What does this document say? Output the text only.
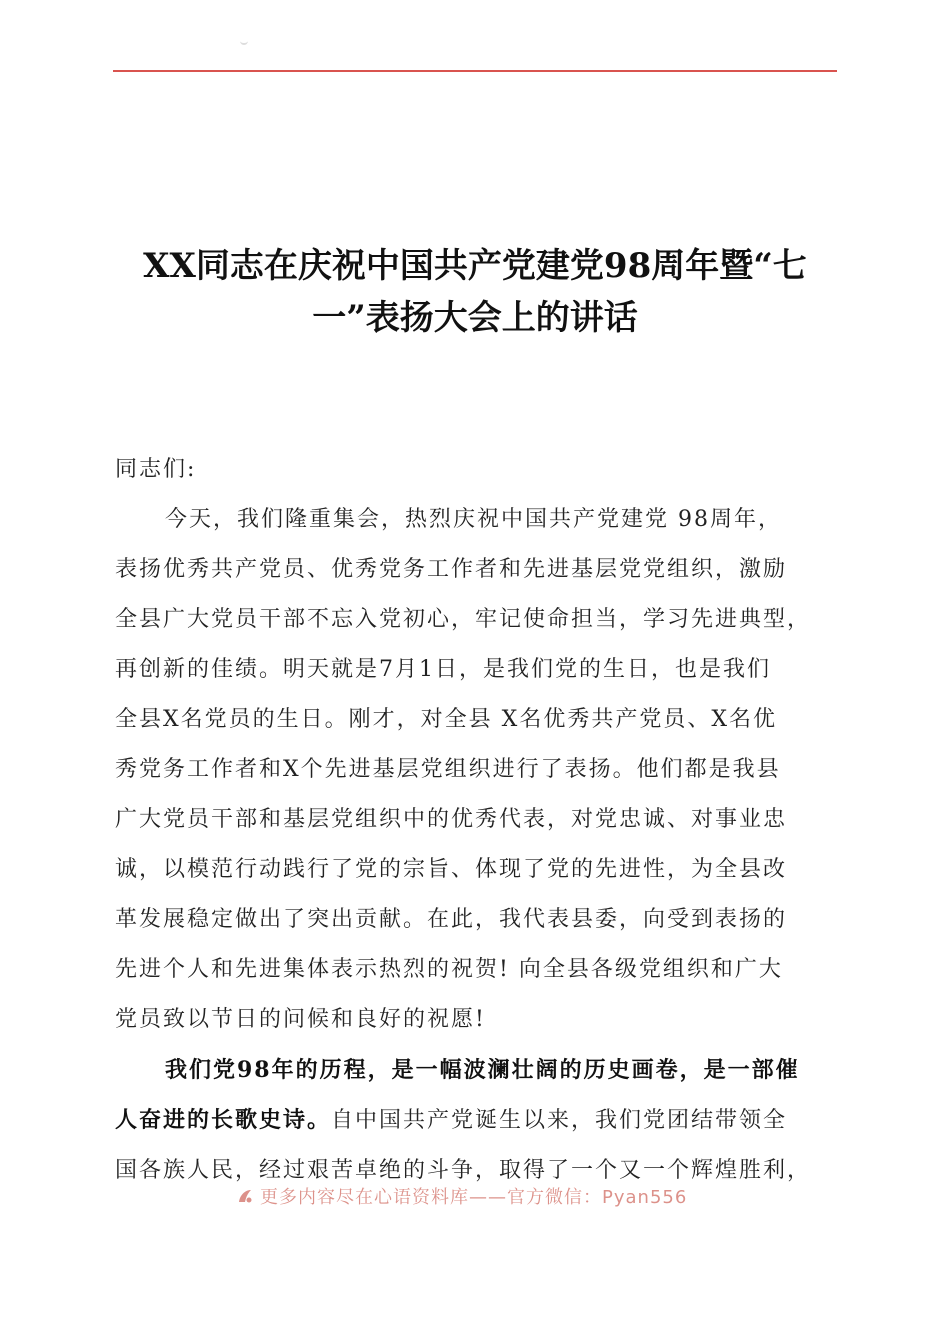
XX同志在庆祝中国共产党建党98周年暨“七
一”表扬大会上的讲话

同志们:

今天，我们隆重集会，热烈庆祝中国共产党建党 98周年，
表扬优秀共产党员、优秀党务工作者和先进基层党党组织，激励
全县广大党员干部不忘入党初心，牢记使命担当，学习先进典型，
再创新的佳绩。明天就是7月1日，是我们党的生日，也是我们
全县X名党员的生日。刚才，对全县 X名优秀共产党员、X名优
秀党务工作者和X个先进基层党组织进行了表扬。他们都是我县
广大党员干部和基层党组织中的优秀代表，对党忠诚、对事业忠
诚，以模范行动践行了党的宗旨、体现了党的先进性，为全县改
革发展稳定做出了突出贡献。在此，我代表县委，向受到表扬的
先进个人和先进集体表示热烈的祝贺! 向全县各级党组织和广大
党员致以节日的问候和良好的祝愿!

我们党98年的历程，是一幅波澜壮阔的历史画卷，是一部催
人奋进的长歌史诗。自中国共产党诞生以来，我们党团结带领全
国各族人民，经过艰苦卓绝的斗争，取得了一个又一个辉煌胜利，

更多内容尽在心语资料库——官方微信：Pyan556
